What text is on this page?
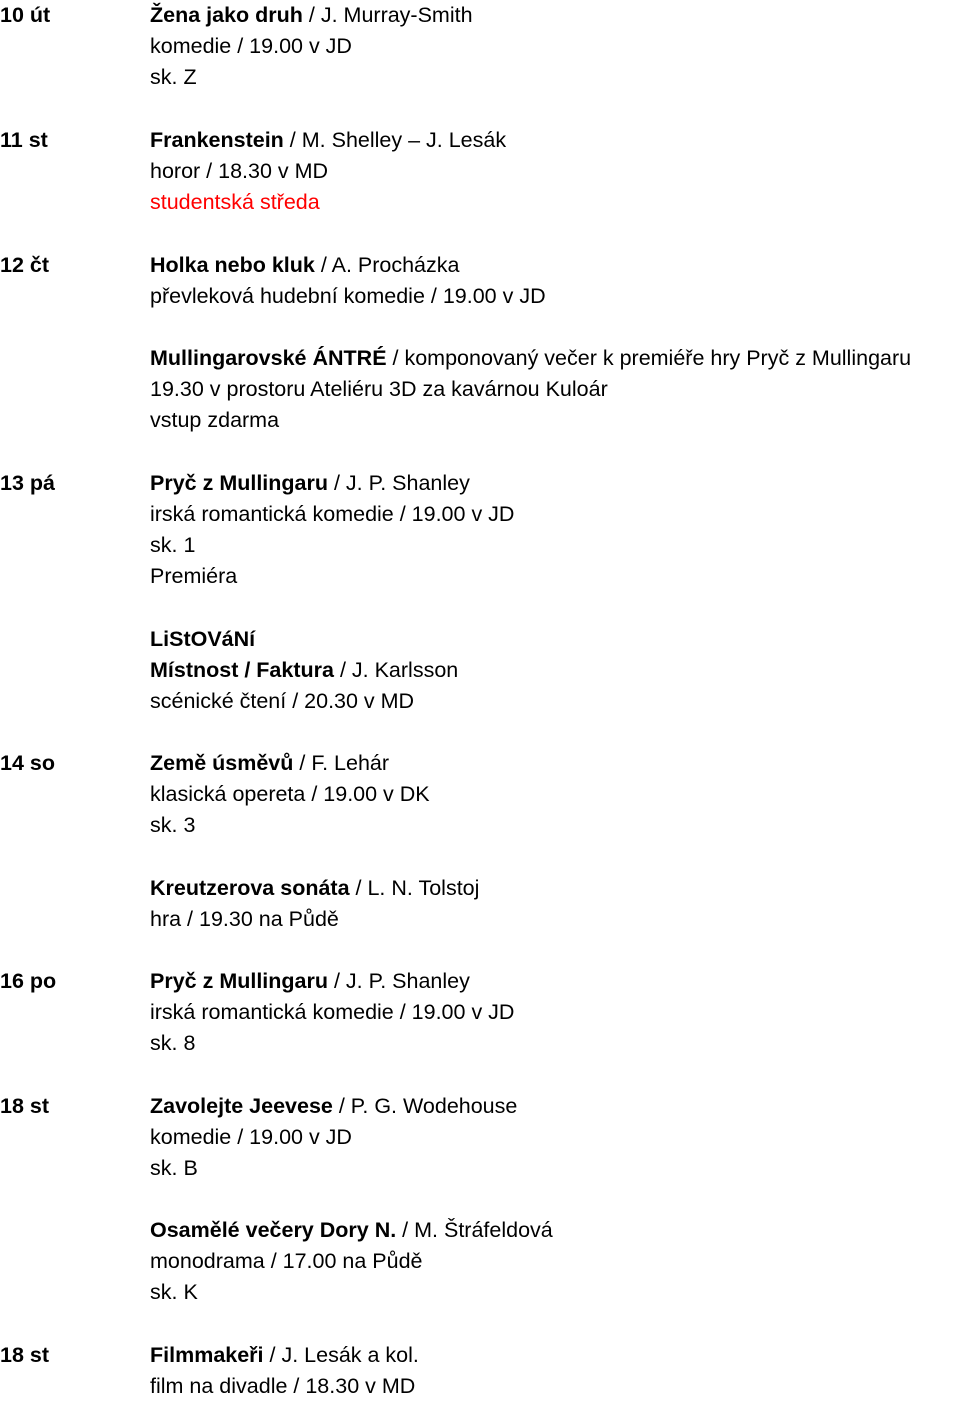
10 út
11 st
12 čt
13 pá
14 so
16 po
18 st
18 st
Žena jako druh / J. Murray-Smith
komedie / 19.00 v JD
sk. Z
Frankenstein / M. Shelley – J. Lesák
horor / 18.30 v MD
studentská středa
Holka nebo kluk / A. Procházka
převleková hudební komedie / 19.00 v JD
Mullingarovské ÁNTRÉ / komponovaný večer k premiéře hry Pryč z Mullingaru
19.30 v prostoru Ateliéru 3D za kavárnou Kuloár
vstup zdarma
Pryč z Mullingaru / J. P. Shanley
irská romantická komedie / 19.00 v JD
sk. 1
Premiéra
LiStOVáNí
Místnost / Faktura / J. Karlsson
scénické čtení / 20.30 v MD
Země úsměvů / F. Lehár
klasická opereta / 19.00 v DK
sk. 3
Kreutzerova sonáta / L. N. Tolstoj
hra / 19.30 na Půdě
Pryč z Mullingaru / J. P. Shanley
irská romantická komedie / 19.00 v JD
sk. 8
Zavolejte Jeevese / P. G. Wodehouse
komedie / 19.00 v JD
sk. B
Osamělé večery Dory N. / M. Štráfeldová
monodrama / 17.00 na Půdě
sk. K
Filmmakeři / J. Lesák a kol.
film na divadle / 18.30 v MD
